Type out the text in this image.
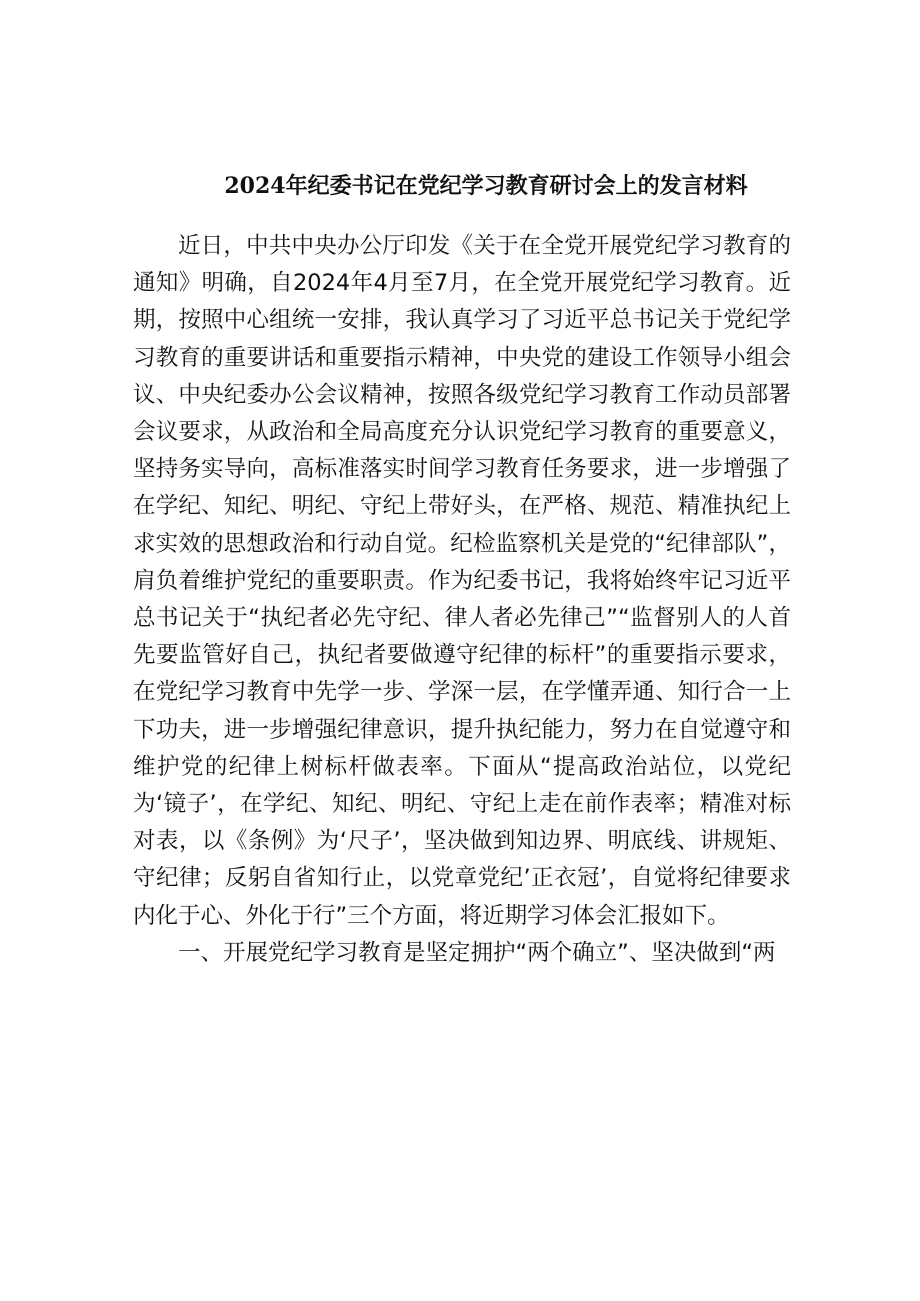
2024年纪委书记在党纪学习教育研讨会上的发言材料

近日，中共中央办公厅印发《关于在全党开展党纪学习教育的通知》明确，自2024年4月至7月，在全党开展党纪学习教育。近期，按照中心组统一安排，我认真学习了习近平总书记关于党纪学习教育的重要讲话和重要指示精神，中央党的建设工作领导小组会议、中央纪委办公会议精神，按照各级党纪学习教育工作动员部署会议要求，从政治和全局高度充分认识党纪学习教育的重要意义，坚持务实导向，高标准落实时间学习教育任务要求，进一步增强了在学纪、知纪、明纪、守纪上带好头，在严格、规范、精准执纪上求实效的思想政治和行动自觉。纪检监察机关是党的“纪律部队”，肩负着维护党纪的重要职责。作为纪委书记，我将始终牢记习近平总书记关于“执纪者必先守纪、律人者必先律己”“监督别人的人首先要监管好自己，执纪者要做遵守纪律的标杆”的重要指示要求，在党纪学习教育中先学一步、学深一层，在学懂弄通、知行合一上下功夫，进一步增强纪律意识，提升执纪能力，努力在自觉遵守和维护党的纪律上树标杆做表率。下面从“提高政治站位，以党纪为‘镜子’，在学纪、知纪、明纪、守纪上走在前作表率；精准对标对表，以《条例》为‘尺子’，坚决做到知边界、明底线、讲规矩、守纪律；反躬自省知行止，以党章党纪’正衣冠’，自觉将纪律要求内化于心、外化于行”三个方面，将近期学习体会汇报如下。

一、开展党纪学习教育是坚定拥护“两个确立”、坚决做到“两
